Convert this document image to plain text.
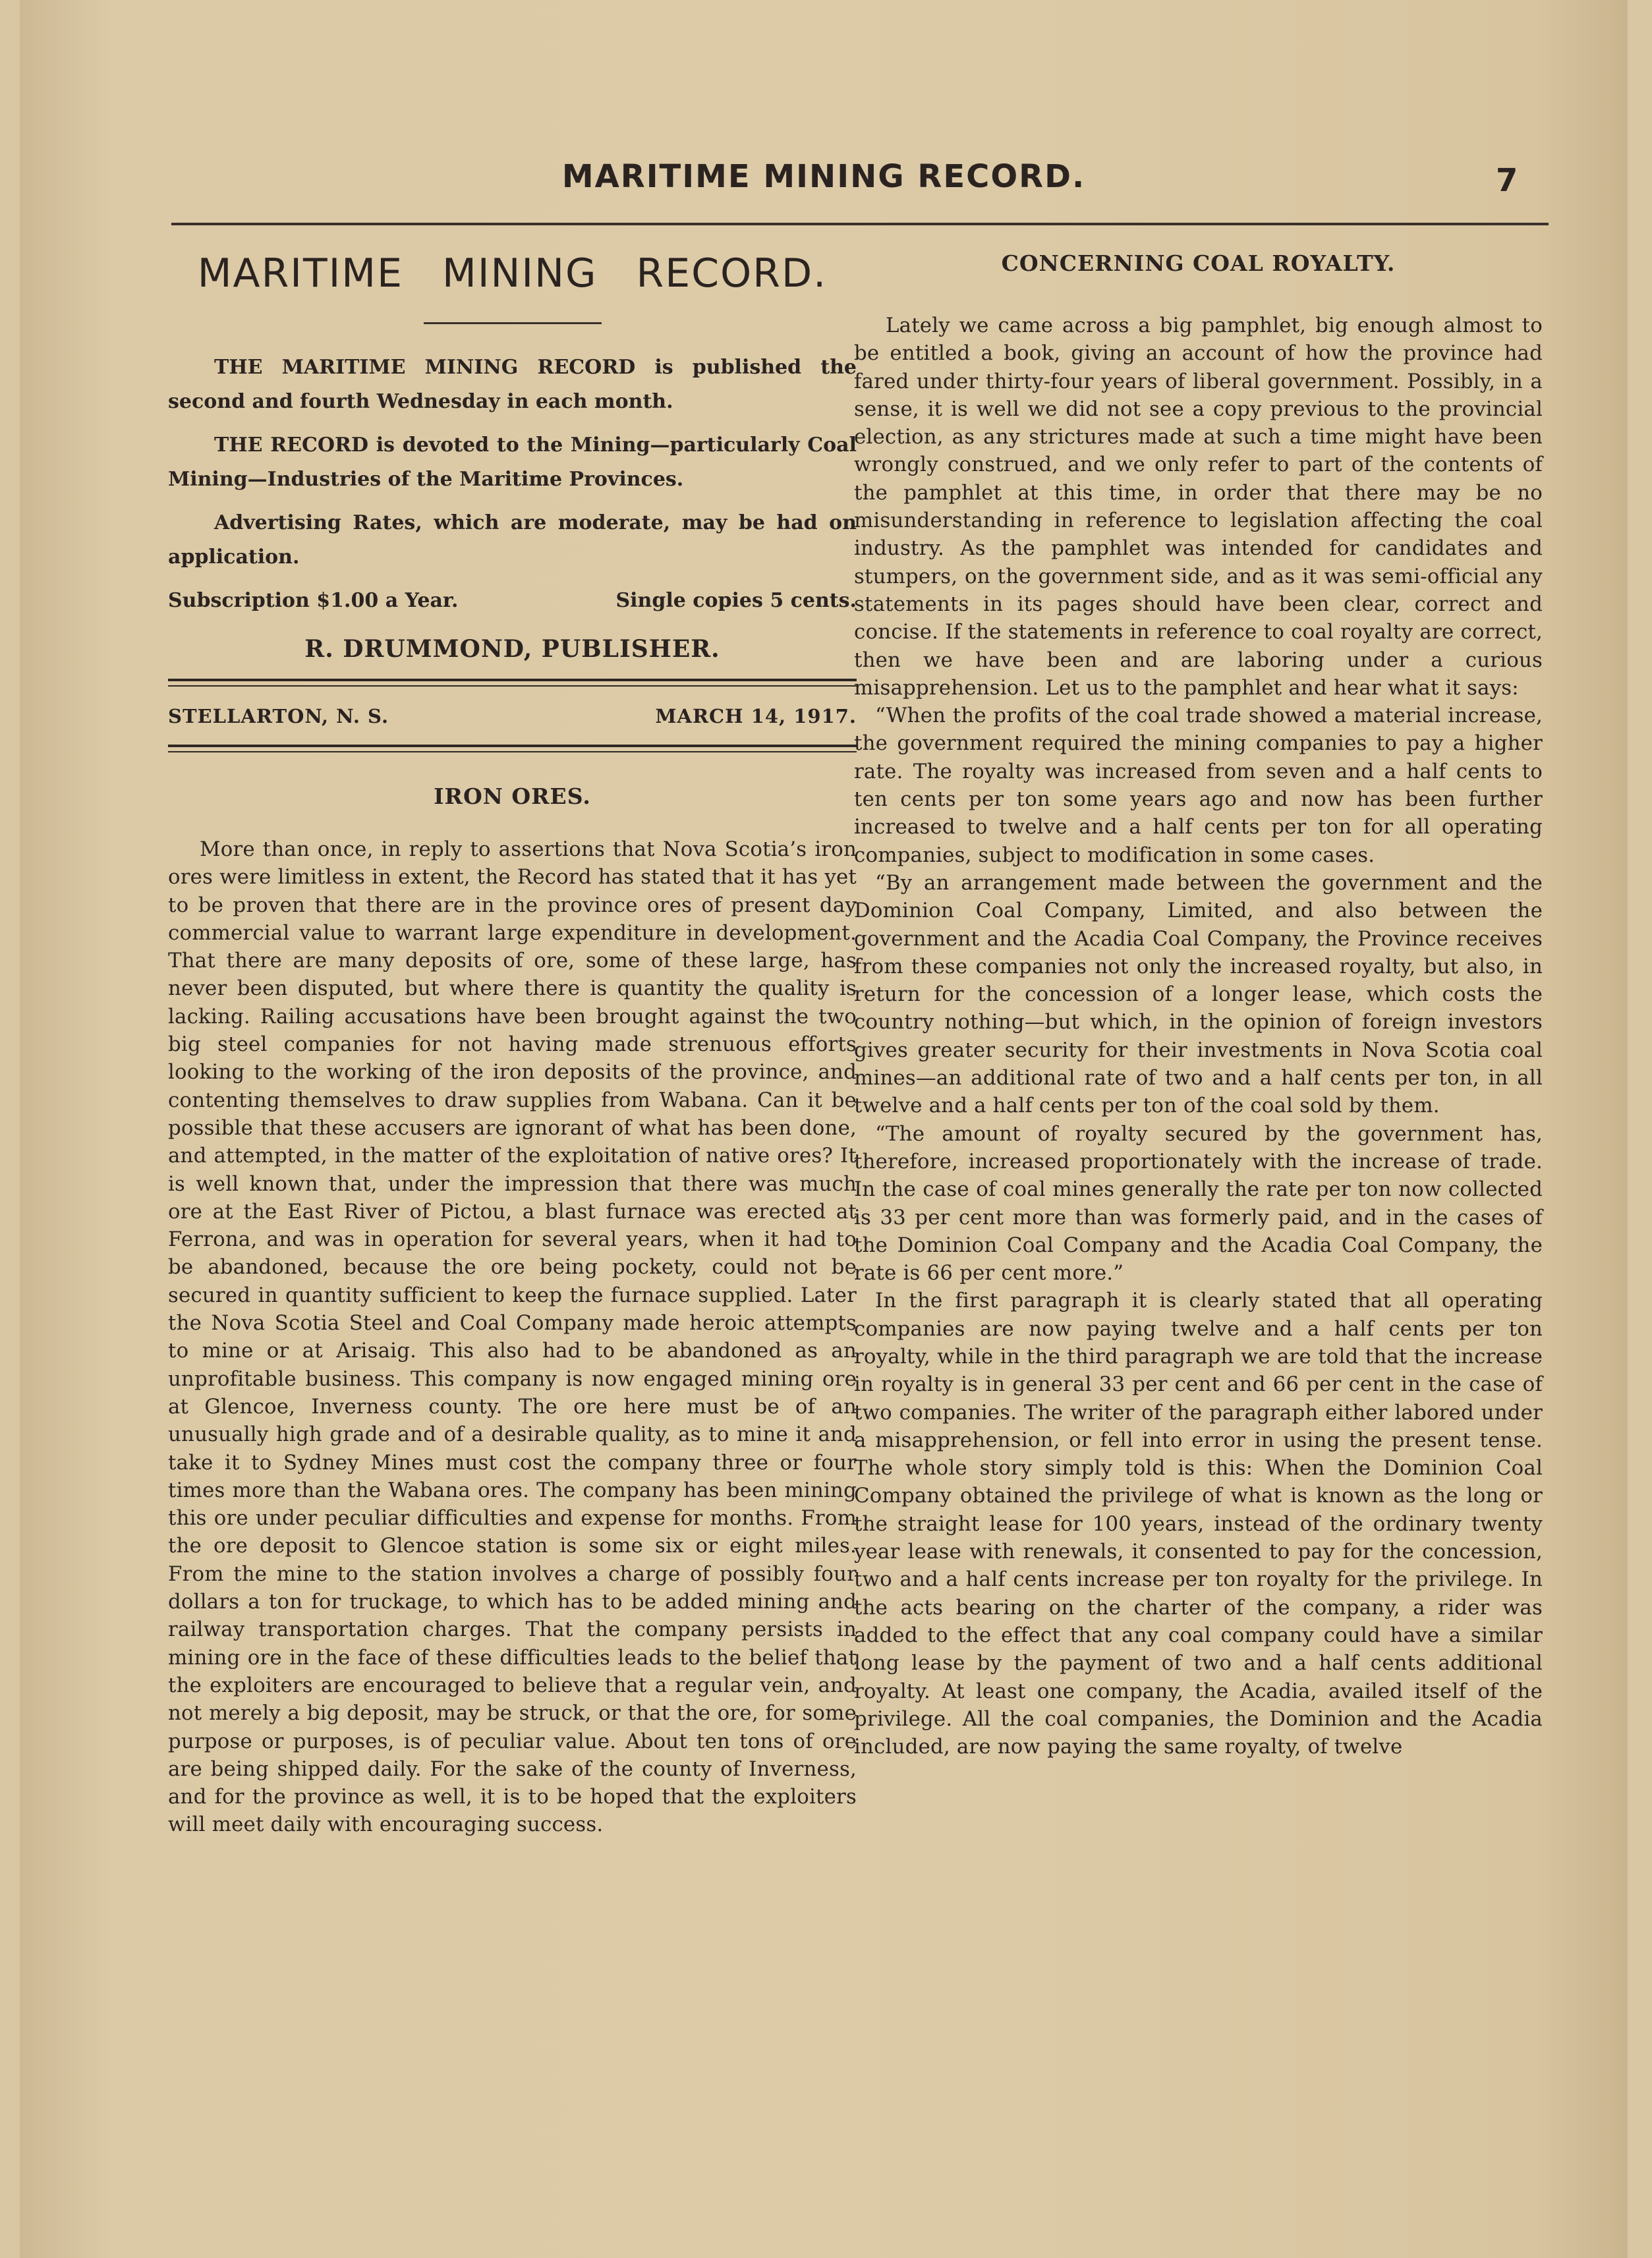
MARITIME MINING RECORD.	7
MARITIME MINING RECORD.

THE MARITIME MINING RECORD is published the second and fourth Wednesday in each month.

THE RECORD is devoted to the Mining—particularly Coal Mining—Industries of the Maritime Provinces.

Advertising Rates, which are moderate, may be had on application.

Subscription $1.00 a Year.	Single copies 5 cents.
R. DRUMMOND, PUBLISHER.
STELLARTON, N. S.	MARCH 14, 1917.
IRON ORES.

More than once, in reply to assertions that Nova Scotia’s iron ores were limitless in extent, the Record has stated that it has yet to be proven that there are in the province ores of present day commercial value to warrant large expenditure in development. That there are many deposits of ore, some of these large, has never been disputed, but where there is quantity the quality is lacking. Railing accusations have been brought against the two big steel companies for not having made strenuous efforts looking to the working of the iron deposits of the province, and contenting themselves to draw supplies from Wabana. Can it be possible that these accusers are ignorant of what has been done, and attempted, in the matter of the exploitation of native ores? It is well known that, under the impression that there was much ore at the East River of Pictou, a blast furnace was erected at Ferrona, and was in operation for several years, when it had to be abandoned, because the ore being pockety, could not be secured in quantity sufficient to keep the furnace supplied. Later the Nova Scotia Steel and Coal Company made heroic attempts to mine or at Arisaig. This also had to be abandoned as an unprofitable business. This company is now engaged mining ore at Glencoe, Inverness county. The ore here must be of an unusually high grade and of a desirable quality, as to mine it and take it to Sydney Mines must cost the company three or four times more than the Wabana ores. The company has been mining this ore under peculiar difficulties and expense for months. From the ore deposit to Glencoe station is some six or eight miles. From the mine to the station involves a charge of possibly four dollars a ton for truckage, to which has to be added mining and railway transportation charges. That the company persists in mining ore in the face of these difficulties leads to the belief that the exploiters are encouraged to believe that a regular vein, and not merely a big deposit, may be struck, or that the ore, for some purpose or purposes, is of peculiar value. About ten tons of ore are being shipped daily. For the sake of the county of Inverness, and for the province as well, it is to be hoped that the exploiters will meet daily with encouraging success.

CONCERNING COAL ROYALTY.

Lately we came across a big pamphlet, big enough almost to be entitled a book, giving an account of how the province had fared under thirty-four years of liberal government. Possibly, in a sense, it is well we did not see a copy previous to the provincial election, as any strictures made at such a time might have been wrongly construed, and we only refer to part of the contents of the pamphlet at this time, in order that there may be no misunderstanding in reference to legislation affecting the coal industry. As the pamphlet was intended for candidates and stumpers, on the government side, and as it was semi-official any statements in its pages should have been clear, correct and concise. If the statements in reference to coal royalty are correct, then we have been and are laboring under a curious misapprehension. Let us to the pamphlet and hear what it says:

“When the profits of the coal trade showed a material increase, the government required the mining companies to pay a higher rate. The royalty was increased from seven and a half cents to ten cents per ton some years ago and now has been further increased to twelve and a half cents per ton for all operating companies, subject to modification in some cases.

“By an arrangement made between the government and the Dominion Coal Company, Limited, and also between the government and the Acadia Coal Company, the Province receives from these companies not only the increased royalty, but also, in return for the concession of a longer lease, which costs the country nothing—but which, in the opinion of foreign investors gives greater security for their investments in Nova Scotia coal mines—an additional rate of two and a half cents per ton, in all twelve and a half cents per ton of the coal sold by them.

“The amount of royalty secured by the government has, therefore, increased proportionately with the increase of trade. In the case of coal mines generally the rate per ton now collected is 33 per cent more than was formerly paid, and in the cases of the Dominion Coal Company and the Acadia Coal Company, the rate is 66 per cent more.”

In the first paragraph it is clearly stated that all operating companies are now paying twelve and a half cents per ton royalty, while in the third paragraph we are told that the increase in royalty is in general 33 per cent and 66 per cent in the case of two companies. The writer of the paragraph either labored under a misapprehension, or fell into error in using the present tense. The whole story simply told is this: When the Dominion Coal Company obtained the privilege of what is known as the long or the straight lease for 100 years, instead of the ordinary twenty year lease with renewals, it consented to pay for the concession, two and a half cents increase per ton royalty for the privilege. In the acts bearing on the charter of the company, a rider was added to the effect that any coal company could have a similar long lease by the payment of two and a half cents additional royalty. At least one company, the Acadia, availed itself of the privilege. All the coal companies, the Dominion and the Acadia included, are now paying the same royalty, of twelve
